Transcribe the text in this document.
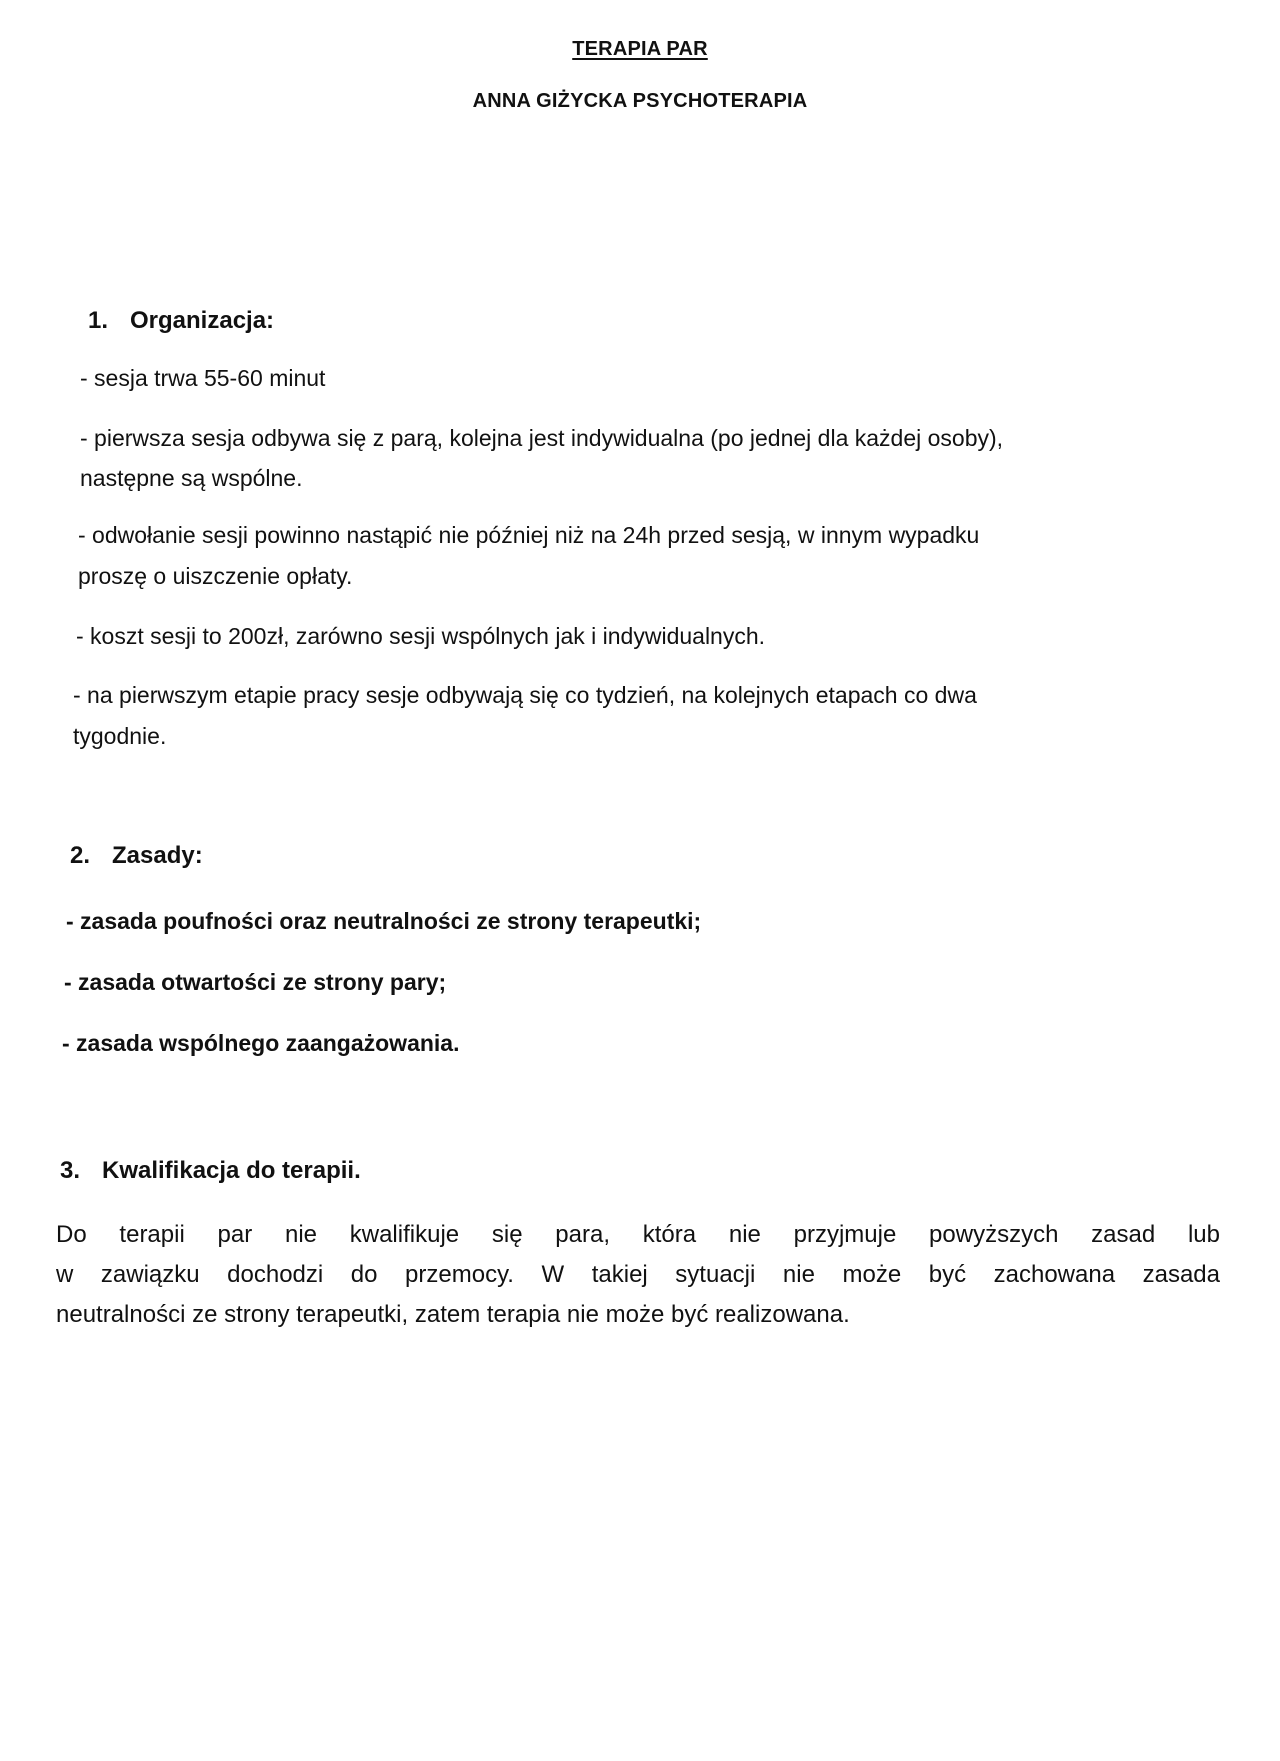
TERAPIA PAR
ANNA GIŻYCKA PSYCHOTERAPIA
1. Organizacja:
- sesja trwa 55-60 minut
- pierwsza sesja odbywa się z parą, kolejna jest indywidualna (po jednej dla każdej osoby),
następne są wspólne.
- odwołanie sesji powinno nastąpić nie później niż na 24h przed sesją, w innym wypadku
proszę o uiszczenie opłaty.
- koszt sesji to 200zł, zarówno sesji wspólnych jak i indywidualnych.
- na pierwszym etapie pracy sesje odbywają się co tydzień, na kolejnych etapach co dwa
tygodnie.
2. Zasady:
- zasada poufności oraz neutralności ze strony terapeutki;
- zasada otwartości ze strony pary;
- zasada wspólnego zaangażowania.
3. Kwalifikacja do terapii.
Do terapii par nie kwalifikuje się para, która nie przyjmuje powyższych zasad lub
w zawiązku dochodzi do przemocy. W takiej sytuacji nie może być zachowana zasada
neutralności ze strony terapeutki, zatem terapia nie może być realizowana.
